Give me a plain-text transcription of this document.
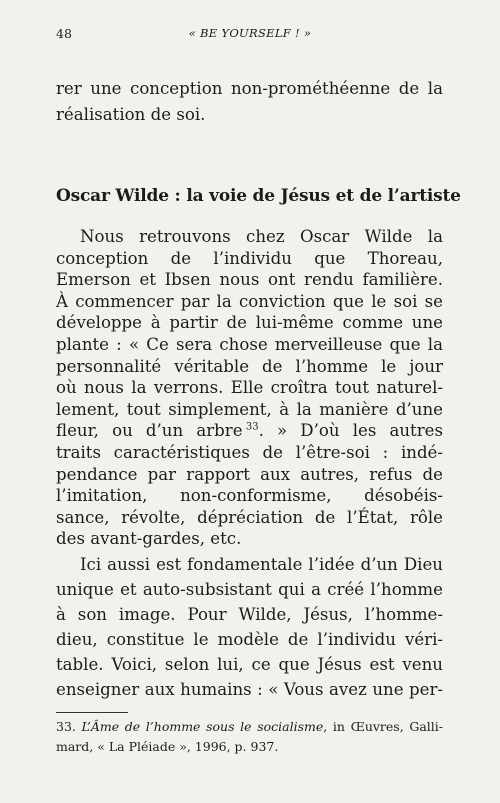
48	« BE YOURSELF ! »
rer une conception non-prométhéenne de la
réalisation de soi.
Oscar Wilde : la voie de Jésus et de l’artiste
Nous retrouvons chez Oscar Wilde la
conception de l’individu que Thoreau,
Emerson et Ibsen nous ont rendu familière.
À commencer par la conviction que le soi se
développe à partir de lui-même comme une
plante : « Ce sera chose merveilleuse que la
personnalité véritable de l’homme le jour
où nous la verrons. Elle croîtra tout naturel-
lement, tout simplement, à la manière d’une
fleur, ou d’un arbre  $^{33}$. » D’où les autres
traits caractéristiques de l’être-soi : indé-
pendance par rapport aux autres, refus de
l’imitation, non-conformisme, désobéis-
sance, révolte, dépréciation de l’État, rôle
des avant-gardes, etc.
Ici aussi est fondamentale l’idée d’un Dieu
unique et auto-subsistant qui a créé l’homme
à son image. Pour Wilde, Jésus, l’homme-
dieu, constitue le modèle de l’individu véri-
table. Voici, selon lui, ce que Jésus est venu
enseigner aux humains : « Vous avez une per-
33. L’Âme de l’homme sous le socialisme, in Œuvres, Galli-
mard, « La Pléiade », 1996, p. 937.
